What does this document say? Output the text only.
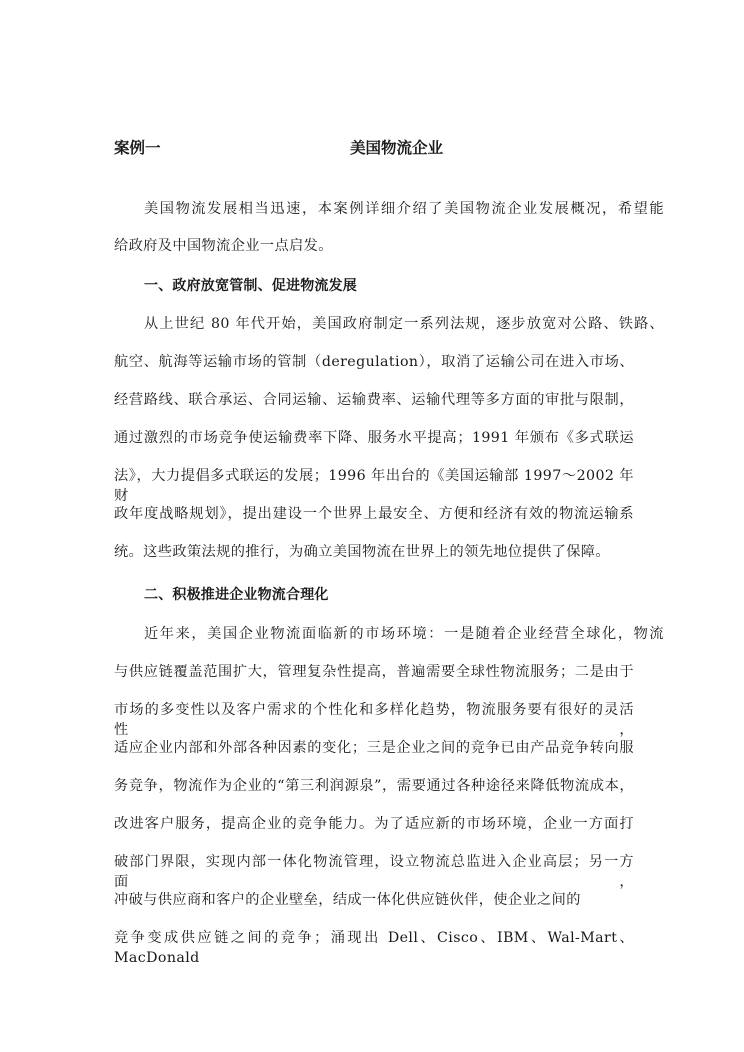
案例一	美国物流企业
美国物流发展相当迅速，本案例详细介绍了美国物流企业发展概况，希望能
给政府及中国物流企业一点启发。
一、政府放宽管制、促进物流发展
从上世纪 80 年代开始，美国政府制定一系列法规，逐步放宽对公路、铁路、
航空、航海等运输市场的管制（deregulation），取消了运输公司在进入市场、
经营路线、联合承运、合同运输、运输费率、运输代理等多方面的审批与限制，
通过激烈的市场竞争使运输费率下降、服务水平提高；1991 年颁布《多式联运
法》，大力提倡多式联运的发展；1996 年出台的《美国运输部 1997～2002 年财
政年度战略规划》，提出建设一个世界上最安全、方便和经济有效的物流运输系
统。这些政策法规的推行，为确立美国物流在世界上的领先地位提供了保障。
二、积极推进企业物流合理化
近年来，美国企业物流面临新的市场环境：一是随着企业经营全球化，物流
与供应链覆盖范围扩大，管理复杂性提高，普遍需要全球性物流服务；二是由于
市场的多变性以及客户需求的个性化和多样化趋势，物流服务要有很好的灵活性，
适应企业内部和外部各种因素的变化；三是企业之间的竞争已由产品竞争转向服
务竞争，物流作为企业的“第三利润源泉”，需要通过各种途径来降低物流成本，
改进客户服务，提高企业的竞争能力。为了适应新的市场环境，企业一方面打
破部门界限，实现内部一体化物流管理，设立物流总监进入企业高层；另一方面，
冲破与供应商和客户的企业壁垒，结成一体化供应链伙伴，使企业之间的
竞争变成供应链之间的竞争；涌现出 Dell、Cisco、IBM、Wal-Mart、MacDonald
